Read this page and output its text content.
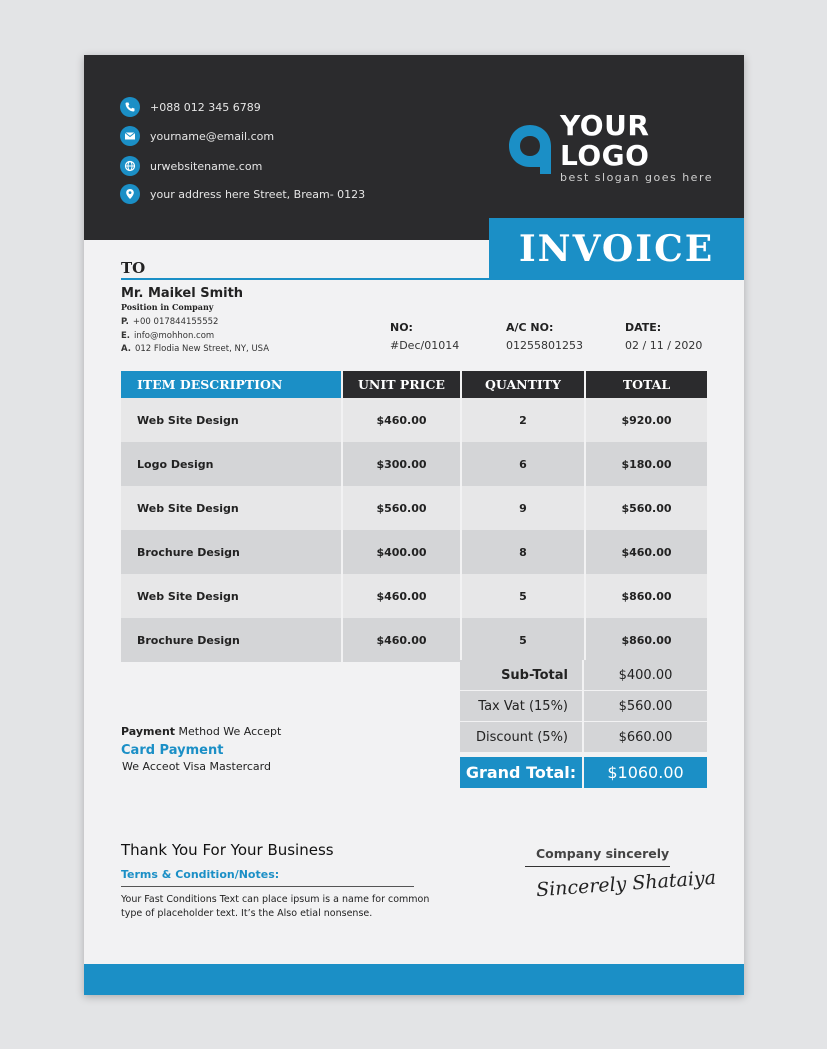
+088 012 345 6789
yourname@email.com
urwebsitename.com
your address here Street, Bream- 0123
YOUR LOGO
best slogan goes here
INVOICE
TO
Mr. Maikel Smith
Position in Company
P. +00 017844155552
E. info@mohhon.com
A. 012 Flodia New Street, NY, USA
NO:
#Dec/01014
A/C NO:
01255801253
DATE:
02 / 11 / 2020
ITEM DESCRIPTION	UNIT PRICE	QUANTITY	TOTAL
Web Site Design	$460.00	2	$920.00
Logo Design	$300.00	6	$180.00
Web Site Design	$560.00	9	$560.00
Brochure Design	$400.00	8	$460.00
Web Site Design	$460.00	5	$860.00
Brochure Design	$460.00	5	$860.00
Sub-Total	$400.00
Tax Vat (15%)	$560.00
Discount (5%)	$660.00
Grand Total:	$1060.00
Payment Method We Accept
Card Payment
We Acceot Visa Mastercard
Thank You For Your Business
Terms & Condition/Notes:
Your Fast Conditions Text can place ipsum is a name for common type of placeholder text. It’s the Also etial nonsense.
Company sincerely
Sincerely Shataiya
